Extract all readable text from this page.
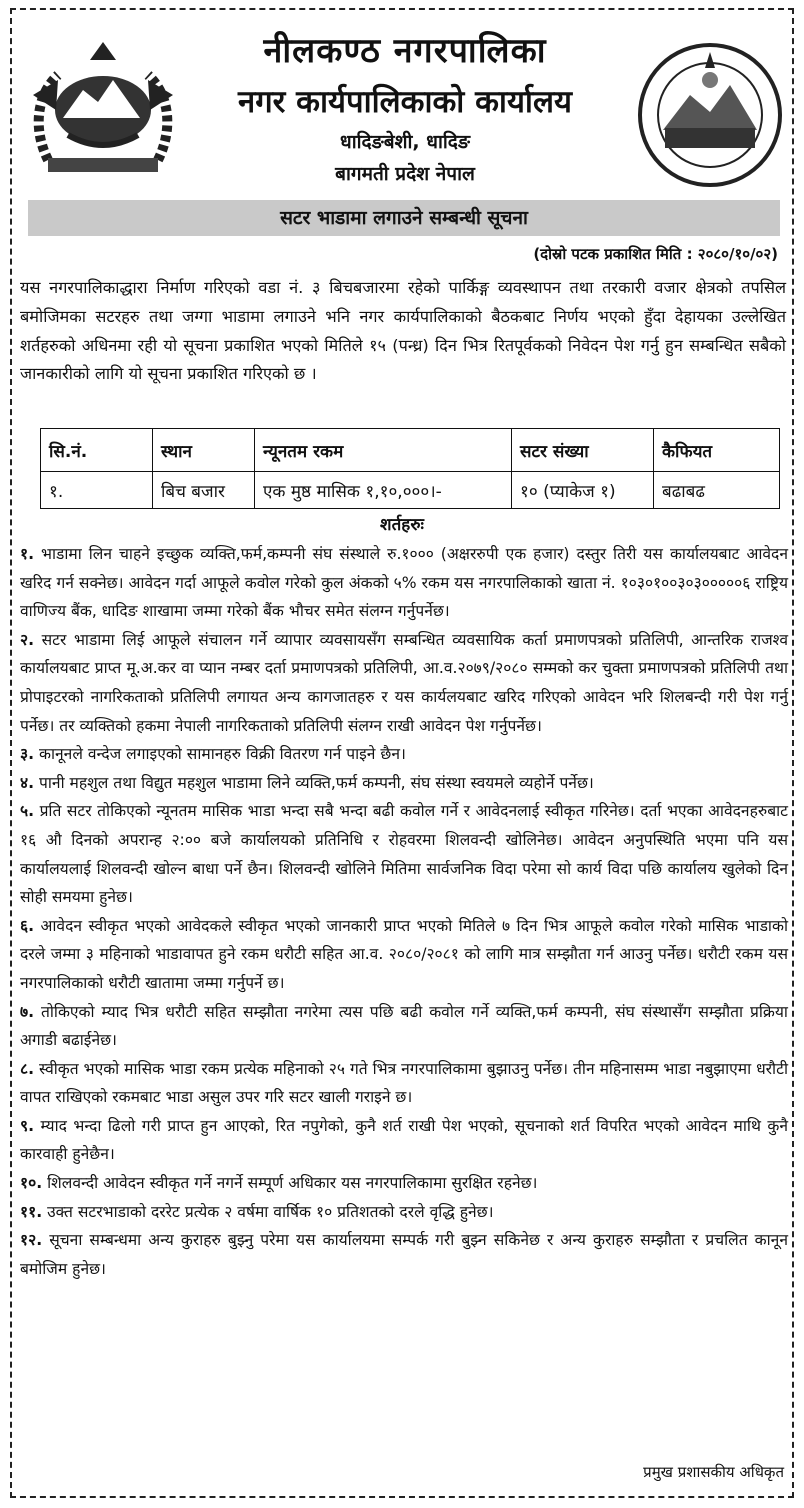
नीलकण्ठ नगरपालिका
नगर कार्यपालिकाको कार्यालय
धादिङबेशी, धादिङ
बागमती प्रदेश नेपाल
सटर भाडामा लगाउने सम्बन्धी सूचना
(दोस्रो पटक प्रकाशित मिति : २०८०/१०/०२)

यस नगरपालिकाद्धारा निर्माण गरिएको वडा नं. ३ बिचबजारमा रहेको पार्किङ्ग व्यवस्थापन तथा तरकारी वजार क्षेत्रको तपसिल बमोजिमका सटरहरु तथा जग्गा भाडामा लगाउने भनि नगर कार्यपालिकाको बैठकबाट निर्णय भएको हुँदा देहायका उल्लेखित शर्तहरुको अधिनमा रही यो सूचना प्रकाशित भएको मितिले १५ (पन्ध्र) दिन भित्र रितपूर्वकको निवेदन पेश गर्नु हुन सम्बन्धित सबैको जानकारीको लागि यो सूचना प्रकाशित गरिएको छ ।

सि.नं.	स्थान	न्यूनतम रकम	सटर संख्या	कैफियत
१.	बिच बजार	एक मुष्ठ मासिक १,१०,०००।-	१० (प्याकेज १)	बढाबढ
शर्तहरुः

१. भाडामा लिन चाहने इच्छुक व्यक्ति,फर्म,कम्पनी संघ संस्थाले रु.१००० (अक्षररुपी एक हजार) दस्तुर तिरी यस कार्यालयबाट आवेदन खरिद गर्न सक्नेछ। आवेदन गर्दा आफूले कवोल गरेको कुल अंकको ५% रकम यस नगरपालिकाको खाता नं. १०३०१००३०३०००००६ राष्ट्रिय वाणिज्य बैंक, धादिङ शाखामा जम्मा गरेको बैंक भौचर समेत संलग्न गर्नुपर्नेछ।

२. सटर भाडामा लिई आफूले संचालन गर्ने व्यापार व्यवसायसँग सम्बन्धित व्यवसायिक कर्ता प्रमाणपत्रको प्रतिलिपी, आन्तरिक राजश्व कार्यालयबाट प्राप्त मू.अ.कर वा प्यान नम्बर दर्ता प्रमाणपत्रको प्रतिलिपी, आ.व.२०७९/२०८० सम्मको कर चुक्ता प्रमाणपत्रको प्रतिलिपी तथा प्रोपाइटरको नागरिकताको प्रतिलिपी लगायत अन्य कागजातहरु र यस कार्यलयबाट खरिद गरिएको आवेदन भरि शिलबन्दी गरी पेश गर्नु पर्नेछ। तर व्यक्तिको हकमा नेपाली नागरिकताको प्रतिलिपी संलग्न राखी आवेदन पेश गर्नुपर्नेछ।

३. कानूनले वन्देज लगाइएको सामानहरु विक्री वितरण गर्न पाइने छैन।

४. पानी महशुल तथा विद्युत महशुल भाडामा लिने व्यक्ति,फर्म कम्पनी, संघ संस्था स्वयमले व्यहोर्ने पर्नेछ।

५. प्रति सटर तोकिएको न्यूनतम मासिक भाडा भन्दा सबै भन्दा बढी कवोल गर्ने र आवेदनलाई स्वीकृत गरिनेछ। दर्ता भएका आवेदनहरुबाट १६ औ दिनको अपरान्ह २:०० बजे कार्यालयको प्रतिनिधि र रोहवरमा शिलवन्दी खोलिनेछ। आवेदन अनुपस्थिति भएमा पनि यस कार्यालयलाई शिलवन्दी खोल्न बाधा पर्ने छैन। शिलवन्दी खोलिने मितिमा सार्वजनिक विदा परेमा सो कार्य विदा पछि कार्यालय खुलेको दिन सोही समयमा हुनेछ।

६. आवेदन स्वीकृत भएको आवेदकले स्वीकृत भएको जानकारी प्राप्त भएको मितिले ७ दिन भित्र आफूले कवोल गरेको मासिक भाडाको दरले जम्मा ३ महिनाको भाडावापत हुने रकम धरौटी सहित आ.व. २०८०/२०८१ को लागि मात्र सम्झौता गर्न आउनु पर्नेछ। धरौटी रकम यस नगरपालिकाको धरौटी खातामा जम्मा गर्नुपर्ने छ।

७. तोकिएको म्याद भित्र धरौटी सहित सम्झौता नगरेमा त्यस पछि बढी कवोल गर्ने व्यक्ति,फर्म कम्पनी, संघ संस्थासँग सम्झौता प्रक्रिया अगाडी बढाईनेछ।

८. स्वीकृत भएको मासिक भाडा रकम प्रत्येक महिनाको २५ गते भित्र नगरपालिकामा बुझाउनु पर्नेछ। तीन महिनासम्म भाडा नबुझाएमा धरौटी वापत राखिएको रकमबाट भाडा असुल उपर गरि सटर खाली गराइने छ।

९. म्याद भन्दा ढिलो गरी प्राप्त हुन आएको, रित नपुगेको, कुनै शर्त राखी पेश भएको, सूचनाको शर्त विपरित भएको आवेदन माथि कुनै कारवाही हुनेछैन।

१०. शिलवन्दी आवेदन स्वीकृत गर्ने नगर्ने सम्पूर्ण अधिकार यस नगरपालिकामा सुरक्षित रहनेछ।

११. उक्त सटरभाडाको दररेट प्रत्येक २ वर्षमा वार्षिक १० प्रतिशतको दरले वृद्धि हुनेछ।

१२. सूचना सम्बन्धमा अन्य कुराहरु बुझ्नु परेमा यस कार्यालयमा सम्पर्क गरी बुझ्न सकिनेछ र अन्य कुराहरु सम्झौता र प्रचलित कानून बमोजिम हुनेछ।

प्रमुख प्रशासकीय अधिकृत
